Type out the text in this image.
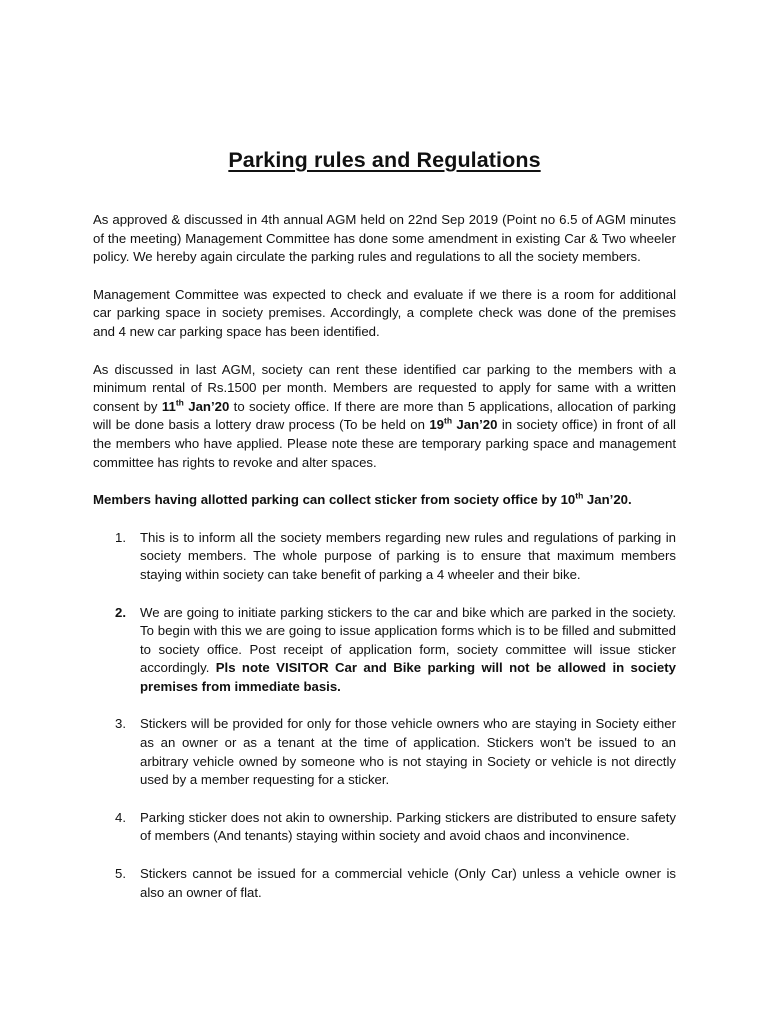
Parking rules and Regulations

As approved & discussed in 4th annual AGM held on 22nd Sep 2019 (Point no 6.5 of AGM minutes of the meeting) Management Committee has done some amendment in existing Car & Two wheeler policy. We hereby again circulate the parking rules and regulations to all the society members.

Management Committee was expected to check and evaluate if we there is a room for additional car parking space in society premises. Accordingly, a complete check was done of the premises and 4 new car parking space has been identified.

As discussed in last AGM, society can rent these identified car parking to the members with a minimum rental of Rs.1500 per month. Members are requested to apply for same with a written consent by 11th Jan’20 to society office. If there are more than 5 applications, allocation of parking will be done basis a lottery draw process (To be held on 19th Jan’20 in society office) in front of all the members who have applied. Please note these are temporary parking space and management committee has rights to revoke and alter spaces.

Members having allotted parking can collect sticker from society office by 10th Jan’20.

1. This is to inform all the society members regarding new rules and regulations of parking in society members. The whole purpose of parking is to ensure that maximum members staying within society can take benefit of parking a 4 wheeler and their bike.
2. We are going to initiate parking stickers to the car and bike which are parked in the society. To begin with this we are going to issue application forms which is to be filled and submitted to society office. Post receipt of application form, society committee will issue sticker accordingly. Pls note VISITOR Car and Bike parking will not be allowed in society premises from immediate basis.
3. Stickers will be provided for only for those vehicle owners who are staying in Society either as an owner or as a tenant at the time of application. Stickers won't be issued to an arbitrary vehicle owned by someone who is not staying in Society or vehicle is not directly used by a member requesting for a sticker.
4. Parking sticker does not akin to ownership. Parking stickers are distributed to ensure safety of members (And tenants) staying within society and avoid chaos and inconvinence.
5. Stickers cannot be issued for a commercial vehicle (Only Car) unless a vehicle owner is also an owner of flat.
